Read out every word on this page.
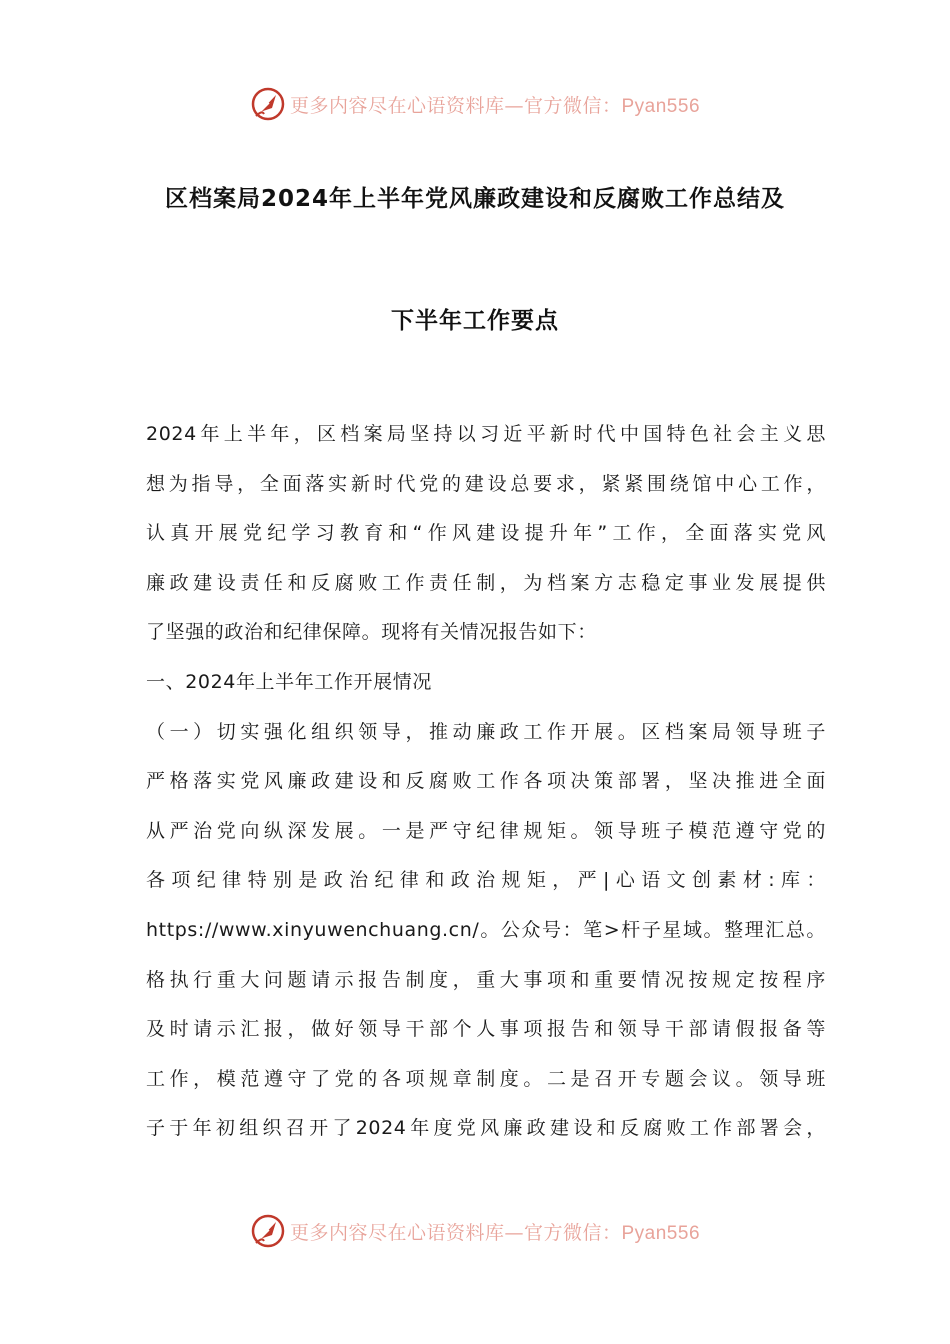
更多内容尽在心语资料库—官方微信：Pyan556
区档案局2024年上半年党风廉政建设和反腐败工作总结及
下半年工作要点
2024年上半年，区档案局坚持以习近平新时代中国特色社会主义思
想为指导，全面落实新时代党的建设总要求，紧紧围绕馆中心工作，
认真开展党纪学习教育和“作风建设提升年”工作，全面落实党风
廉政建设责任和反腐败工作责任制，为档案方志稳定事业发展提供
了坚强的政治和纪律保障。现将有关情况报告如下：
一、2024年上半年工作开展情况
（一）切实强化组织领导，推动廉政工作开展。区档案局领导班子
严格落实党风廉政建设和反腐败工作各项决策部署，坚决推进全面
从严治党向纵深发展。一是严守纪律规矩。领导班子模范遵守党的
各项纪律特别是政治纪律和政治规矩，严|心语文创素材:库：
https://www.xinyuwenchuang.cn/。公众号：笔>杆子星域。整理汇总。
格执行重大问题请示报告制度，重大事项和重要情况按规定按程序
及时请示汇报，做好领导干部个人事项报告和领导干部请假报备等
工作，模范遵守了党的各项规章制度。二是召开专题会议。领导班
子于年初组织召开了2024年度党风廉政建设和反腐败工作部署会，
更多内容尽在心语资料库—官方微信：Pyan556
